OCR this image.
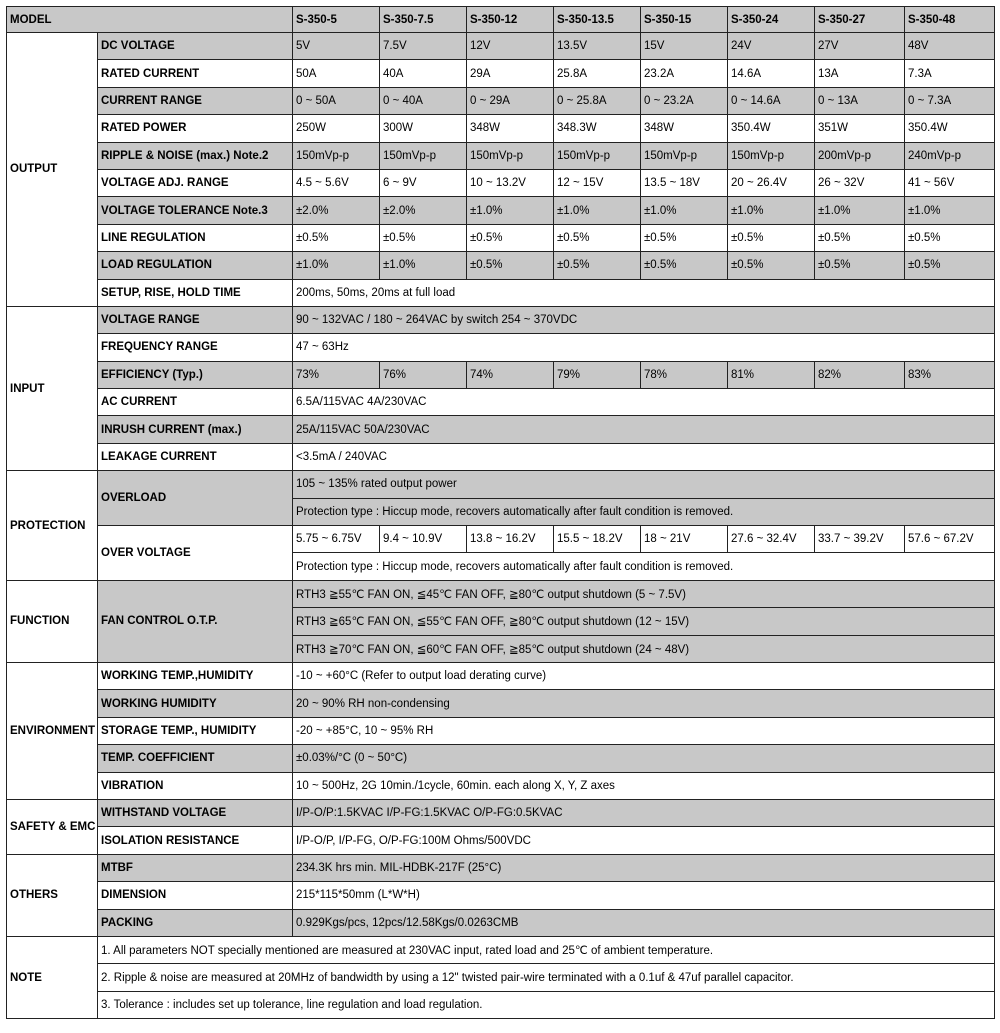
MODEL		S-350-5	S-350-7.5	S-350-12	S-350-13.5	S-350-15	S-350-24	S-350-27	S-350-48
OUTPUT	DC VOLTAGE	5V	7.5V	12V	13.5V	15V	24V	27V	48V
	RATED CURRENT	50A	40A	29A	25.8A	23.2A	14.6A	13A	7.3A
	CURRENT RANGE	0 ~ 50A	0 ~ 40A	0 ~ 29A	0 ~ 25.8A	0 ~ 23.2A	0 ~ 14.6A	0 ~ 13A	0 ~ 7.3A
	RATED POWER	250W	300W	348W	348.3W	348W	350.4W	351W	350.4W
	RIPPLE & NOISE (max.) Note.2	150mVp-p	150mVp-p	150mVp-p	150mVp-p	150mVp-p	150mVp-p	200mVp-p	240mVp-p
	VOLTAGE ADJ. RANGE	4.5 ~ 5.6V	6 ~ 9V	10 ~ 13.2V	12 ~ 15V	13.5 ~ 18V	20 ~ 26.4V	26 ~ 32V	41 ~ 56V
	VOLTAGE TOLERANCE Note.3	±2.0%	±2.0%	±1.0%	±1.0%	±1.0%	±1.0%	±1.0%	±1.0%
	LINE REGULATION	±0.5%	±0.5%	±0.5%	±0.5%	±0.5%	±0.5%	±0.5%	±0.5%
	LOAD REGULATION	±1.0%	±1.0%	±0.5%	±0.5%	±0.5%	±0.5%	±0.5%	±0.5%
	SETUP, RISE, HOLD TIME	200ms, 50ms, 20ms at full load							
INPUT	VOLTAGE RANGE	90 ~ 132VAC / 180 ~ 264VAC by switch 254 ~ 370VDC							
	FREQUENCY RANGE	47 ~ 63Hz							
	EFFICIENCY (Typ.)	73%	76%	74%	79%	78%	81%	82%	83%
	AC CURRENT	6.5A/115VAC 4A/230VAC							
	INRUSH CURRENT (max.)	25A/115VAC 50A/230VAC							
	LEAKAGE CURRENT	<3.5mA / 240VAC							
PROTECTION	OVERLOAD	105 ~ 135% rated output power							
		Protection type : Hiccup mode, recovers automatically after fault condition is removed.							
	OVER VOLTAGE	5.75 ~ 6.75V	9.4 ~ 10.9V	13.8 ~ 16.2V	15.5 ~ 18.2V	18 ~ 21V	27.6 ~ 32.4V	33.7 ~ 39.2V	57.6 ~ 67.2V
		Protection type : Hiccup mode, recovers automatically after fault condition is removed.							
FUNCTION	FAN CONTROL O.T.P.	RTH3 ≧55℃ FAN ON, ≦45℃ FAN OFF, ≧80℃ output shutdown (5 ~ 7.5V)							
		RTH3 ≧65℃ FAN ON, ≦55℃ FAN OFF, ≧80℃ output shutdown (12 ~ 15V)							
		RTH3 ≧70℃ FAN ON, ≦60℃ FAN OFF, ≧85℃ output shutdown (24 ~ 48V)							
ENVIRONMENT	WORKING TEMP.,HUMIDITY	-10 ~ +60°C (Refer to output load derating curve)							
	WORKING HUMIDITY	20 ~ 90% RH non-condensing							
	STORAGE TEMP., HUMIDITY	-20 ~ +85°C, 10 ~ 95% RH							
	TEMP. COEFFICIENT	±0.03%/°C (0 ~ 50°C)							
	VIBRATION	10 ~ 500Hz, 2G 10min./1cycle, 60min. each along X, Y, Z axes							
SAFETY & EMC	WITHSTAND VOLTAGE	I/P-O/P:1.5KVAC I/P-FG:1.5KVAC O/P-FG:0.5KVAC							
	ISOLATION RESISTANCE	I/P-O/P, I/P-FG, O/P-FG:100M Ohms/500VDC							
OTHERS	MTBF	234.3K hrs min. MIL-HDBK-217F (25°C)							
	DIMENSION	215*115*50mm (L*W*H)							
	PACKING	0.929Kgs/pcs, 12pcs/12.58Kgs/0.0263CMB							
NOTE	1. All parameters NOT specially mentioned are measured at 230VAC input, rated load and 25℃ of ambient temperature.								
	2. Ripple & noise are measured at 20MHz of bandwidth by using a 12" twisted pair-wire terminated with a 0.1uf & 47uf parallel capacitor.								
	3. Tolerance : includes set up tolerance, line regulation and load regulation.								
